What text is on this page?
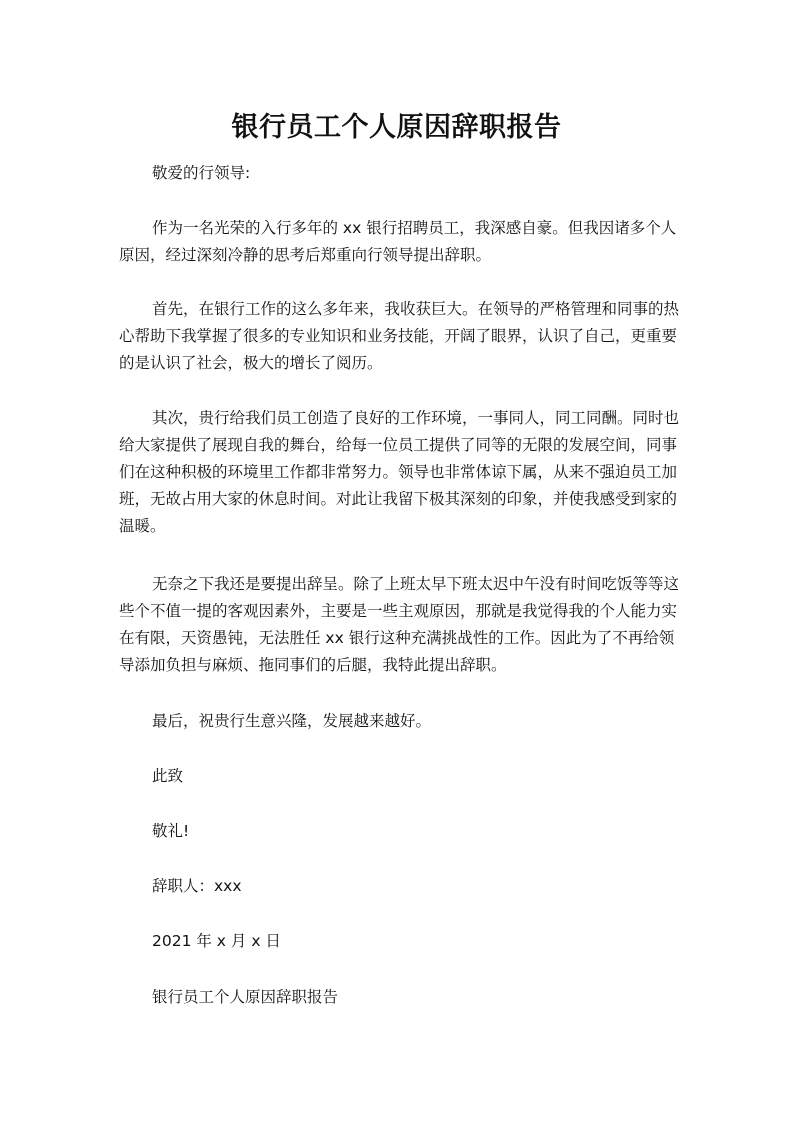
银行员工个人原因辞职报告

敬爱的行领导:

作为一名光荣的入行多年的 xx 银行招聘员工，我深感自豪。但我因诸多个人原因，经过深刻冷静的思考后郑重向行领导提出辞职。

首先，在银行工作的这么多年来，我收获巨大。在领导的严格管理和同事的热心帮助下我掌握了很多的专业知识和业务技能，开阔了眼界，认识了自己，更重要的是认识了社会，极大的增长了阅历。

其次，贵行给我们员工创造了良好的工作环境，一事同人，同工同酬。同时也给大家提供了展现自我的舞台，给每一位员工提供了同等的无限的发展空间，同事们在这种积极的环境里工作都非常努力。领导也非常体谅下属，从来不强迫员工加班，无故占用大家的休息时间。对此让我留下极其深刻的印象，并使我感受到家的温暖。

无奈之下我还是要提出辞呈。除了上班太早下班太迟中午没有时间吃饭等等这些个不值一提的客观因素外，主要是一些主观原因，那就是我觉得我的个人能力实在有限，天资愚钝，无法胜任 xx 银行这种充满挑战性的工作。因此为了不再给领导添加负担与麻烦、拖同事们的后腿，我特此提出辞职。

最后，祝贵行生意兴隆，发展越来越好。

此致

敬礼!

辞职人：xxx

2021 年 x 月 x 日

银行员工个人原因辞职报告
